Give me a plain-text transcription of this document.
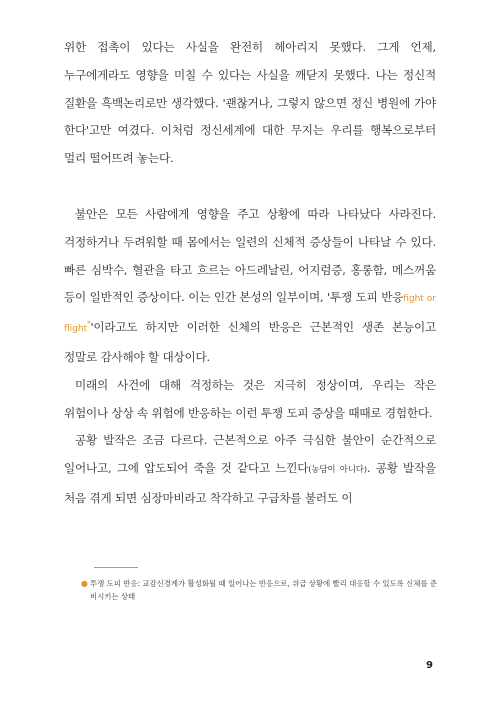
위한 접촉이 있다는 사실을 완전히 헤아리지 못했다. 그게 언제, 누구에게라도 영향을 미칠 수 있다는 사실을 깨닫지 못했다. 나는 정신적 질환을 흑백논리로만 생각했다. '괜찮거나, 그렇지 않으면 정신 병원에 가야 한다'고만 여겼다. 이처럼 정신세계에 대한 무지는 우리를 행복으로부터 멀리 떨어뜨려 놓는다.

불안은 모든 사람에게 영향을 주고 상황에 따라 나타났다 사라진다. 걱정하거나 두려워할 때 몸에서는 일련의 신체적 증상들이 나타날 수 있다. 빠른 심박수, 혈관을 타고 흐르는 아드레날린, 어지럼증, 홍롱함, 메스꺼움 등이 일반적인 증상이다. 이는 인간 본성의 일부이며, '투쟁 도피 반응fight or flight*'이라고도 하지만 이러한 신체의 반응은 근본적인 생존 본능이고 정말로 감사해야 할 대상이다.

미래의 사건에 대해 걱정하는 것은 지극히 정상이며, 우리는 작은 위험이나 상상 속 위험에 반응하는 이런 투쟁 도피 증상을 때때로 경험한다.

공황 발작은 조금 다르다. 근본적으로 아주 극심한 불안이 순간적으로 일어나고, 그에 압도되어 죽을 것 같다고 느낀다(농담이 아니다). 공황 발작을 처음 겪게 되면 심장마비라고 착각하고 구급차를 불러도 이

● 투쟁 도피 반응: 교감신경계가 활성화될 때 일어나는 반응으로, 위급 상황에 빨리 대응할 수 있도록 신체를 준비시키는 상태
9
